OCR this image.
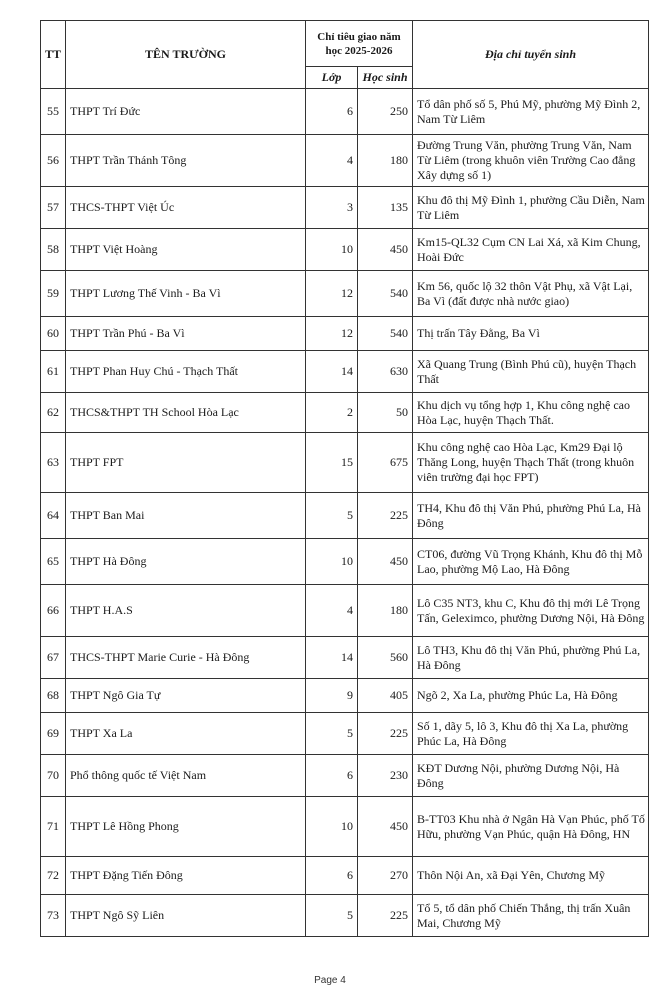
TT	TÊN TRƯỜNG	Chỉ tiêu giao năm học 2025-2026		Địa chỉ tuyển sinh
		Lớp	Học sinh	
55	THPT Trí Đức	6	250	Tổ dân phố số 5, Phú Mỹ, phường Mỹ Đình 2, Nam Từ Liêm
56	THPT Trần Thánh Tông	4	180	Đường Trung Văn, phường Trung Văn, Nam Từ Liêm (trong khuôn viên Trường Cao đẳng Xây dựng số 1)
57	THCS-THPT Việt Úc	3	135	Khu đô thị Mỹ Đình 1, phường Cầu Diễn, Nam Từ Liêm
58	THPT Việt Hoàng	10	450	Km15-QL32 Cụm CN Lai Xá, xã Kim Chung, Hoài Đức
59	THPT Lương Thế Vinh - Ba Vì	12	540	Km 56, quốc lộ 32 thôn Vật Phụ, xã Vật Lại, Ba Vì (đất được nhà nước giao)
60	THPT Trần Phú - Ba Vì	12	540	Thị trấn Tây Đằng, Ba Vì
61	THPT Phan Huy Chú - Thạch Thất	14	630	Xã Quang Trung (Bình Phú cũ), huyện Thạch Thất
62	THCS&THPT TH School Hòa Lạc	2	50	Khu dịch vụ tổng hợp 1, Khu công nghệ cao Hòa Lạc, huyện Thạch Thất.
63	THPT FPT	15	675	Khu công nghệ cao Hòa Lạc, Km29 Đại lộ Thăng Long, huyện Thạch Thất (trong khuôn viên trường đại học FPT)
64	THPT Ban Mai	5	225	TH4, Khu đô thị Văn Phú, phường Phú La, Hà Đông
65	THPT Hà Đông	10	450	CT06, đường Vũ Trọng Khánh, Khu đô thị Mỗ Lao, phường Mộ Lao, Hà Đông
66	THPT H.A.S	4	180	Lô C35 NT3, khu C, Khu đô thị mới Lê Trọng Tấn, Geleximco, phường Dương Nội, Hà Đông
67	THCS-THPT Marie Curie - Hà Đông	14	560	Lô TH3, Khu đô thị Văn Phú, phường Phú La, Hà Đông
68	THPT Ngô Gia Tự	9	405	Ngõ 2, Xa La, phường Phúc La, Hà Đông
69	THPT Xa La	5	225	Số 1, dãy 5, lô 3, Khu đô thị Xa La, phường Phúc La, Hà Đông
70	Phổ thông quốc tế Việt Nam	6	230	KĐT Dương Nội, phường Dương Nội, Hà Đông
71	THPT Lê Hồng Phong	10	450	B-TT03 Khu nhà ở Ngân Hà Vạn Phúc, phố Tố Hữu, phường Vạn Phúc, quận Hà Đông, HN
72	THPT Đặng Tiến Đông	6	270	Thôn Nội An, xã Đại Yên, Chương Mỹ
73	THPT Ngô Sỹ Liên	5	225	Tổ 5, tổ dân phố Chiến Thắng, thị trấn Xuân Mai, Chương Mỹ
Page 4
